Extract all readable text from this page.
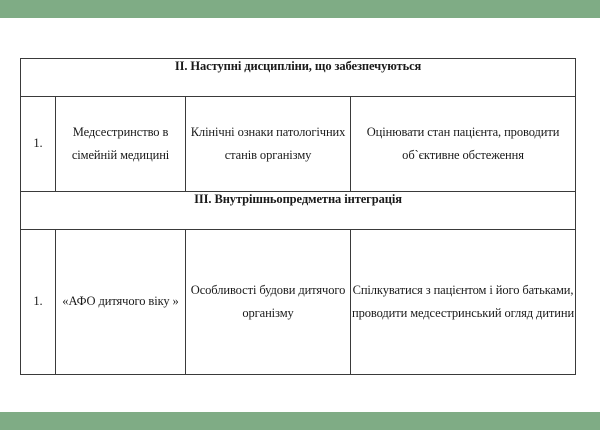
II. Наступні дисципліни, що забезпечуються			
1.	Медсестринство в сімейній медицині	Клінічні ознаки патологічних станів організму	Оцінювати стан пацієнта, проводити об`єктивне обстеження
III. Внутрішньопредметна інтеграція			
1.	«АФО дитячого віку »	Особливості будови дитячого організму	Спілкуватися з пацієнтом і його батьками, проводити медсестринський огляд дитини
